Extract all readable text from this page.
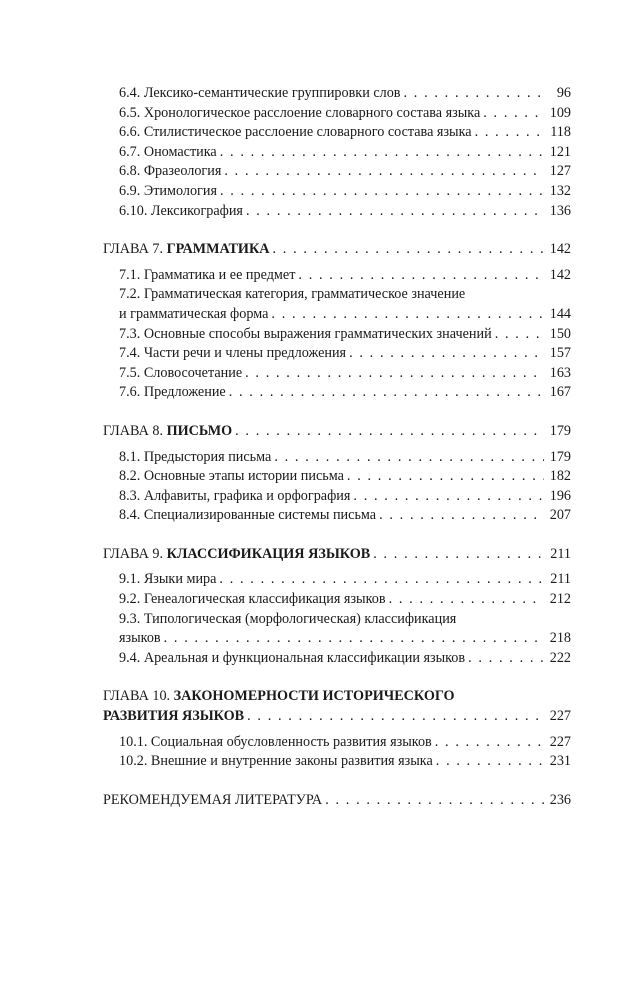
6.4. Лексико-семантические группировки слов . . .	96
6.5. Хронологическое расслоение словарного состава языка . . .	109
6.6. Стилистическое расслоение словарного состава языка . . .	118
6.7. Ономастика . . .	121
6.8. Фразеология . . .	127
6.9. Этимология . . .	132
6.10. Лексикография . . .	136
ГЛАВА 7. ГРАММАТИКА . . .	142
7.1. Грамматика и ее предмет . . .	142
7.2. Грамматическая категория, грамматическое значение
и грамматическая форма . . .	144
7.3. Основные способы выражения грамматических значений . . .	150
7.4. Части речи и члены предложения . . .	157
7.5. Словосочетание . . .	163
7.6. Предложение . . .	167
ГЛАВА 8. ПИСЬМО . . .	179
8.1. Предыстория письма . . .	179
8.2. Основные этапы истории письма . . .	182
8.3. Алфавиты, графика и орфография . . .	196
8.4. Специализированные системы письма . . .	207
ГЛАВА 9. КЛАССИФИКАЦИЯ ЯЗЫКОВ . . .	211
9.1. Языки мира . . .	211
9.2. Генеалогическая классификация языков . . .	212
9.3. Типологическая (морфологическая) классификация
языков . . .	218
9.4. Ареальная и функциональная классификации языков . . .	222
ГЛАВА 10. ЗАКОНОМЕРНОСТИ ИСТОРИЧЕСКОГО
РАЗВИТИЯ ЯЗЫКОВ . . .	227
10.1. Социальная обусловленность развития языков . . .	227
10.2. Внешние и внутренние законы развития языка . . .	231
РЕКОМЕНДУЕМАЯ ЛИТЕРАТУРА . . .	236
